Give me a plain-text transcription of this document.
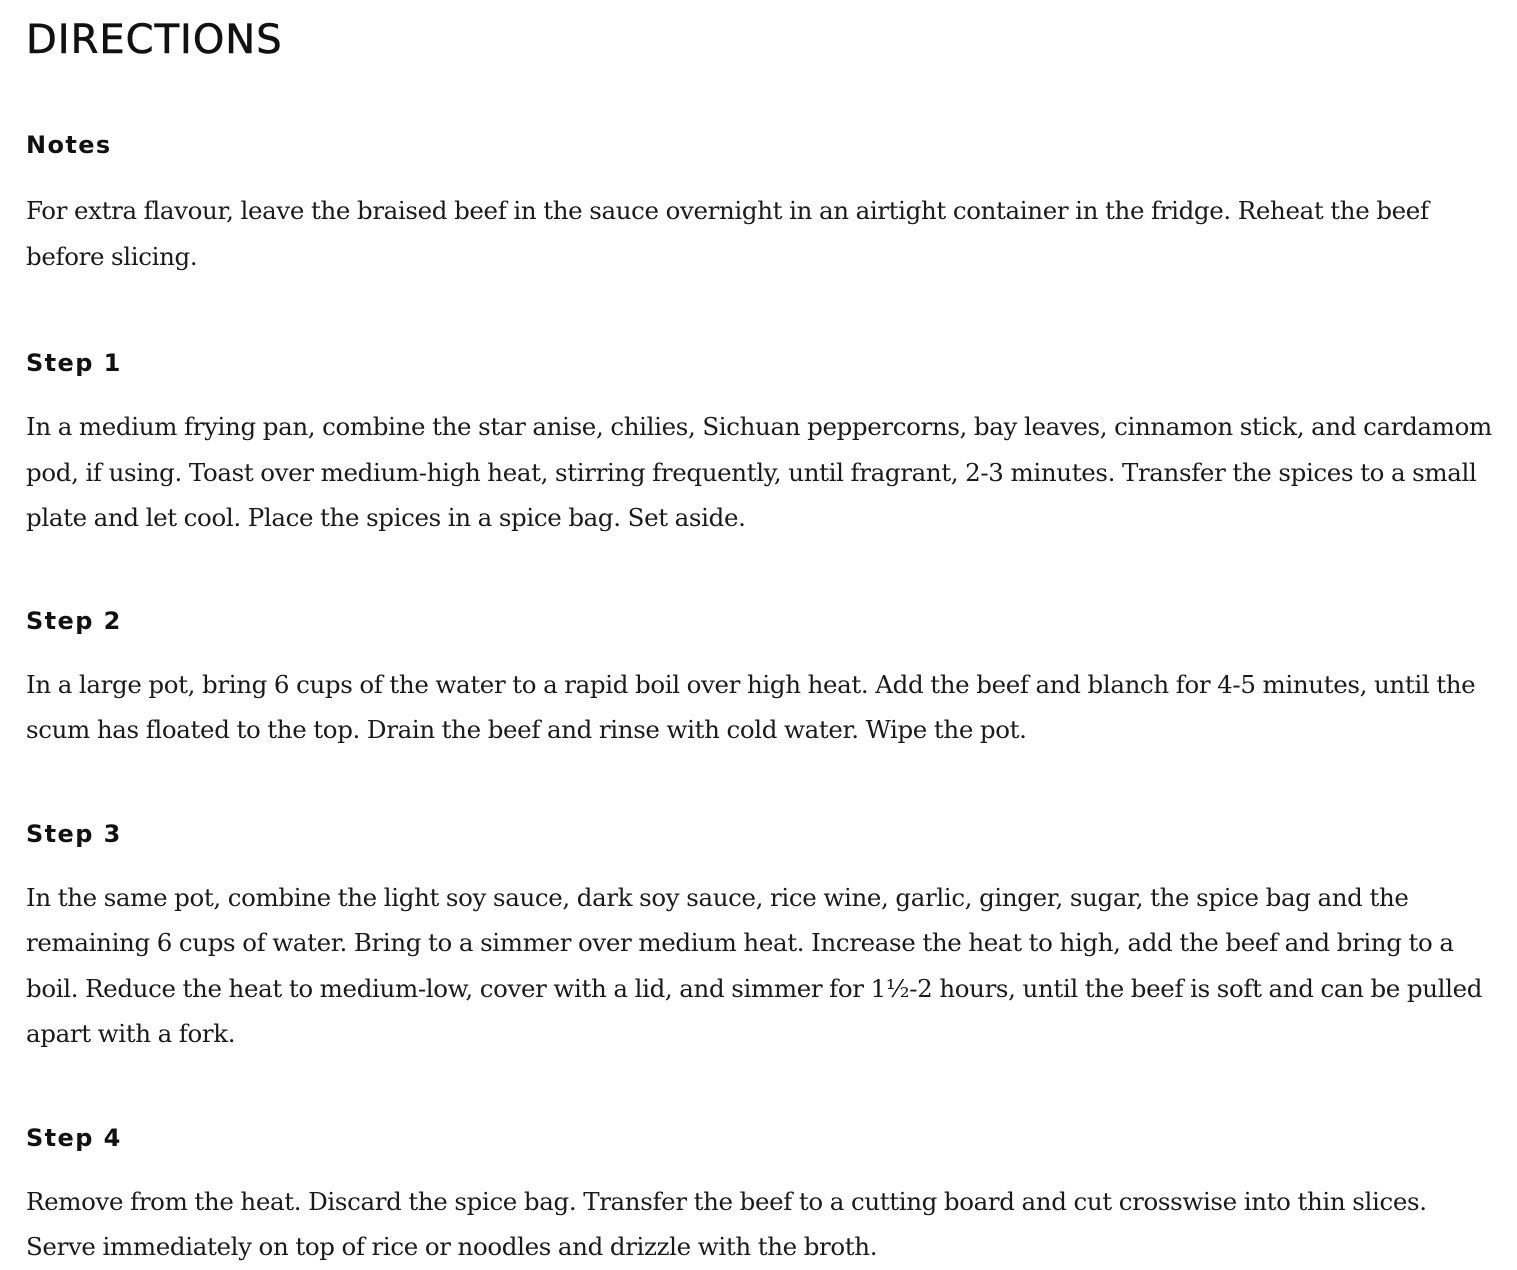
DIRECTIONS
Notes

For extra flavour, leave the braised beef in the sauce overnight in an airtight container in the fridge. Reheat the beef before slicing.

Step 1

In a medium frying pan, combine the star anise, chilies, Sichuan peppercorns, bay leaves, cinnamon stick, and cardamom pod, if using. Toast over medium-high heat, stirring frequently, until fragrant, 2-3 minutes. Transfer the spices to a small plate and let cool. Place the spices in a spice bag. Set aside.

Step 2

In a large pot, bring 6 cups of the water to a rapid boil over high heat. Add the beef and blanch for 4-5 minutes, until the scum has floated to the top. Drain the beef and rinse with cold water. Wipe the pot.

Step 3

In the same pot, combine the light soy sauce, dark soy sauce, rice wine, garlic, ginger, sugar, the spice bag and the remaining 6 cups of water. Bring to a simmer over medium heat. Increase the heat to high, add the beef and bring to a boil. Reduce the heat to medium-low, cover with a lid, and simmer for 1½-2 hours, until the beef is soft and can be pulled apart with a fork.

Step 4

Remove from the heat. Discard the spice bag. Transfer the beef to a cutting board and cut crosswise into thin slices. Serve immediately on top of rice or noodles and drizzle with the broth.
